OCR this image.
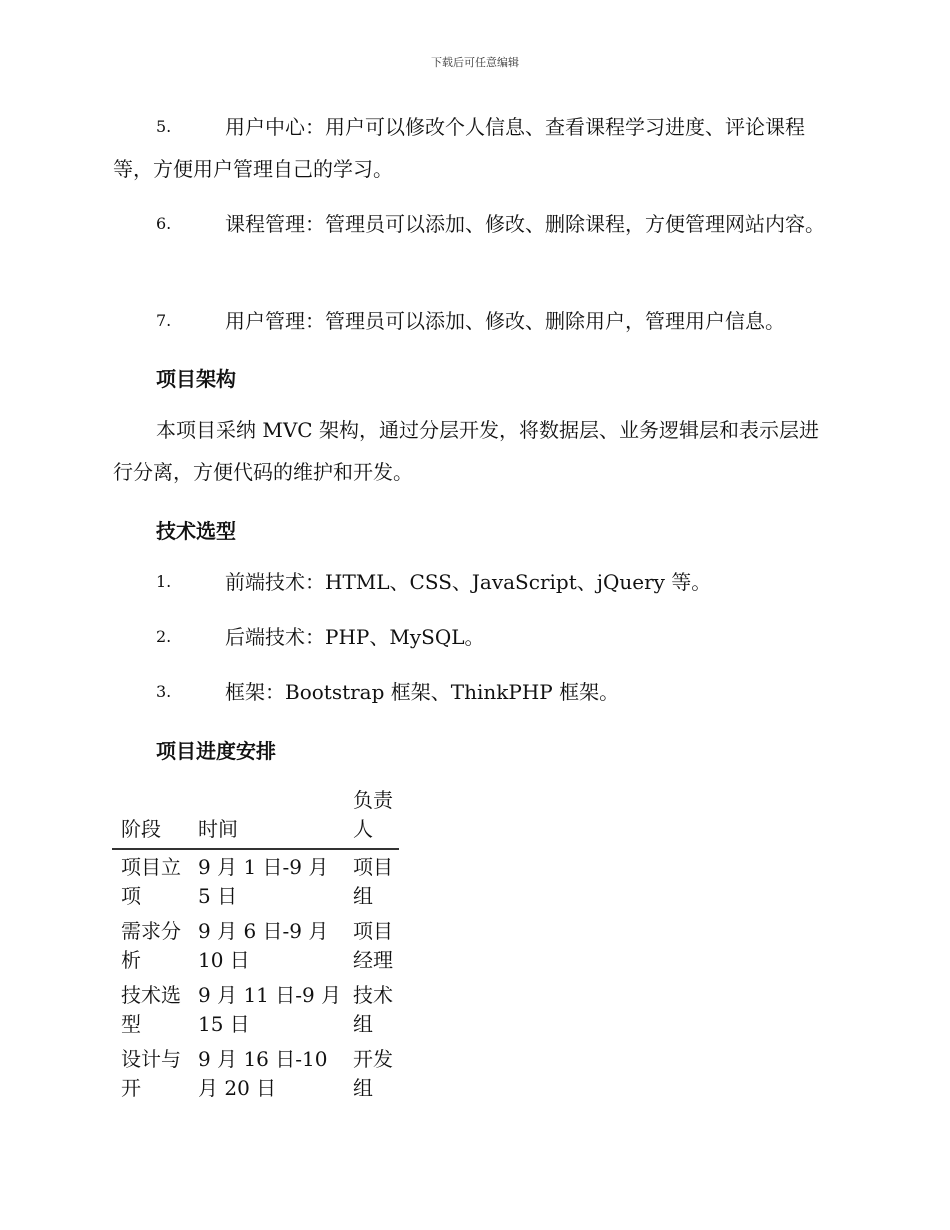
下载后可任意编辑
5.	用户中心：用户可以修改个人信息、查看课程学习进度、评论课程等，方便用户管理自己的学习。
6.	课程管理：管理员可以添加、修改、删除课程，方便管理网站内容。
7.	用户管理：管理员可以添加、修改、删除用户，管理用户信息。
项目架构
本项目采纳 MVC 架构，通过分层开发，将数据层、业务逻辑层和表示层进行分离，方便代码的维护和开发。
技术选型
1.	前端技术：HTML、CSS、JavaScript、jQuery 等。
2.	后端技术：PHP、MySQL。
3.	框架：Bootstrap 框架、ThinkPHP 框架。
项目进度安排
阶段	时间	负责人
项目立项	9 月 1 日-9 月 5 日	项目组
需求分析	9 月 6 日-9 月 10 日	项目经理
技术选型	9 月 11 日-9 月 15 日	技术组
设计与开	9 月 16 日-10 月 20 日	开发组
